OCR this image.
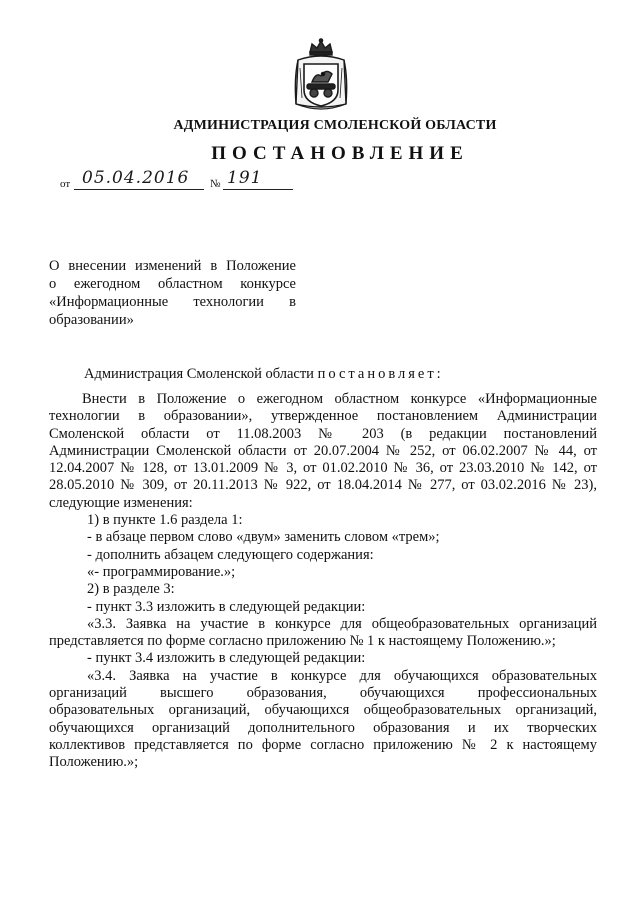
АДМИНИСТРАЦИЯ СМОЛЕНСКОЙ ОБЛАСТИ
ПОСТАНОВЛЕНИЕ
от 05.04.2016 № 191
О внесении изменений в Положение
о ежегодном областном конкурсе
«Информационные технологии в
образовании»
Администрация Смоленской области постановляет:

Внести в Положение о ежегодном областном конкурсе «Информационные

технологии в образовании», утвержденное постановлением Администрации

Смоленской области от 11.08.2003 № 203 (в редакции постановлений

Администрации Смоленской области от 20.07.2004 № 252, от 06.02.2007 № 44, от

12.04.2007 № 128, от 13.01.2009 № 3, от 01.02.2010 № 36, от 23.03.2010 № 142, от

28.05.2010 № 309, от 20.11.2013 № 922, от 18.04.2014 № 277, от 03.02.2016 № 23),

следующие изменения:

1) в пункте 1.6 раздела 1:

- в абзаце первом слово «двум» заменить словом «трем»;

- дополнить абзацем следующего содержания:

«- программирование.»;

2) в разделе 3:

- пункт 3.3 изложить в следующей редакции:

«3.3. Заявка на участие в конкурсе для общеобразовательных организаций

представляется по форме согласно приложению № 1 к настоящему Положению.»;

- пункт 3.4 изложить в следующей редакции:

«3.4. Заявка на участие в конкурсе для обучающихся образовательных

организаций высшего образования, обучающихся профессиональных

образовательных организаций, обучающихся общеобразовательных организаций,

обучающихся организаций дополнительного образования и их творческих

коллективов представляется по форме согласно приложению № 2 к настоящему

Положению.»;
